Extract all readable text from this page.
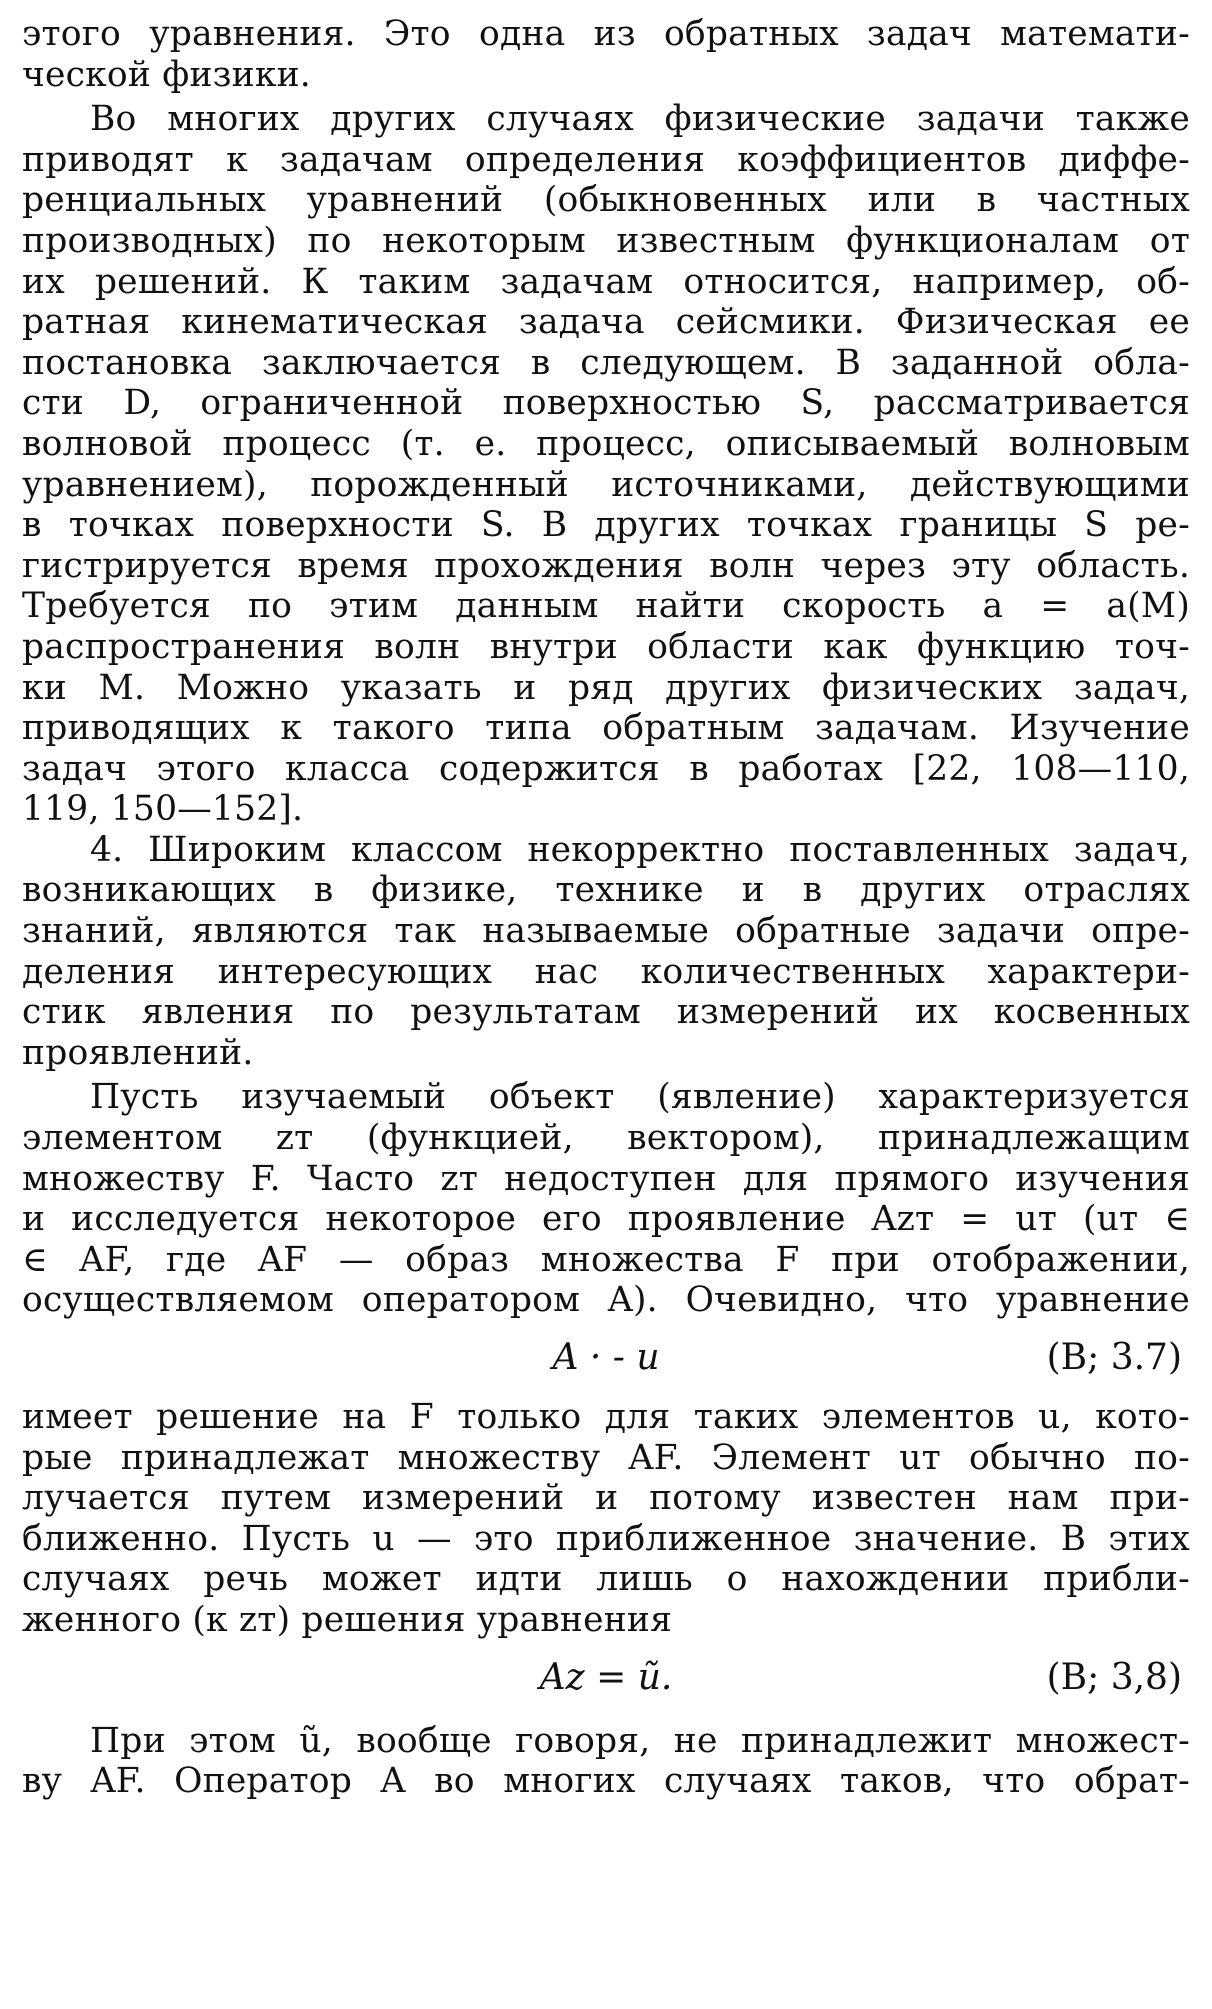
этого уравнения. Это одна из обратных задач математи-
ческой физики.
Во многих других случаях физические задачи также
приводят к задачам определения коэффициентов диффе-
ренциальных уравнений (обыкновенных или в частных
производных) по некоторым известным функционалам от
их решений. К таким задачам относится, например, об-
ратная кинематическая задача сейсмики. Физическая ее
постановка заключается в следующем. В заданной обла-
сти D, ограниченной поверхностью S, рассматривается
волновой процесс (т. е. процесс, описываемый волновым
уравнением), порожденный источниками, действующими
в точках поверхности S. В других точках границы S ре-
гистрируется время прохождения волн через эту область.
Требуется по этим данным найти скорость a = a(M)
распространения волн внутри области как функцию точ-
ки M. Можно указать и ряд других физических задач,
приводящих к такого типа обратным задачам. Изучение
задач этого класса содержится в работах [22, 108—110,
119, 150—152].
4. Широким классом некорректно поставленных задач,
возникающих в физике, технике и в других отраслях
знаний, являются так называемые обратные задачи опре-
деления интересующих нас количественных характери-
стик явления по результатам измерений их косвенных
проявлений.
Пусть изучаемый объект (явление) характеризуется
элементом zт (функцией, вектором), принадлежащим
множеству F. Часто zт недоступен для прямого изучения
и исследуется некоторое его проявление Azт = uт (uт ∈
∈ AF, где AF — образ множества F при отображении,
осуществляемом оператором A). Очевидно, что уравнение
A · - u	(В; 3.7)
имеет решение на F только для таких элементов u, кото-
рые принадлежат множеству AF. Элемент uт обычно по-
лучается путем измерений и потому известен нам при-
ближенно. Пусть u — это приближенное значение. В этих
случаях речь может идти лишь о нахождении прибли-
женного (к zт) решения уравнения
Az = ũ.	(В; 3,8)
При этом ũ, вообще говоря, не принадлежит множест-
ву AF. Оператор A во многих случаях таков, что обрат-
